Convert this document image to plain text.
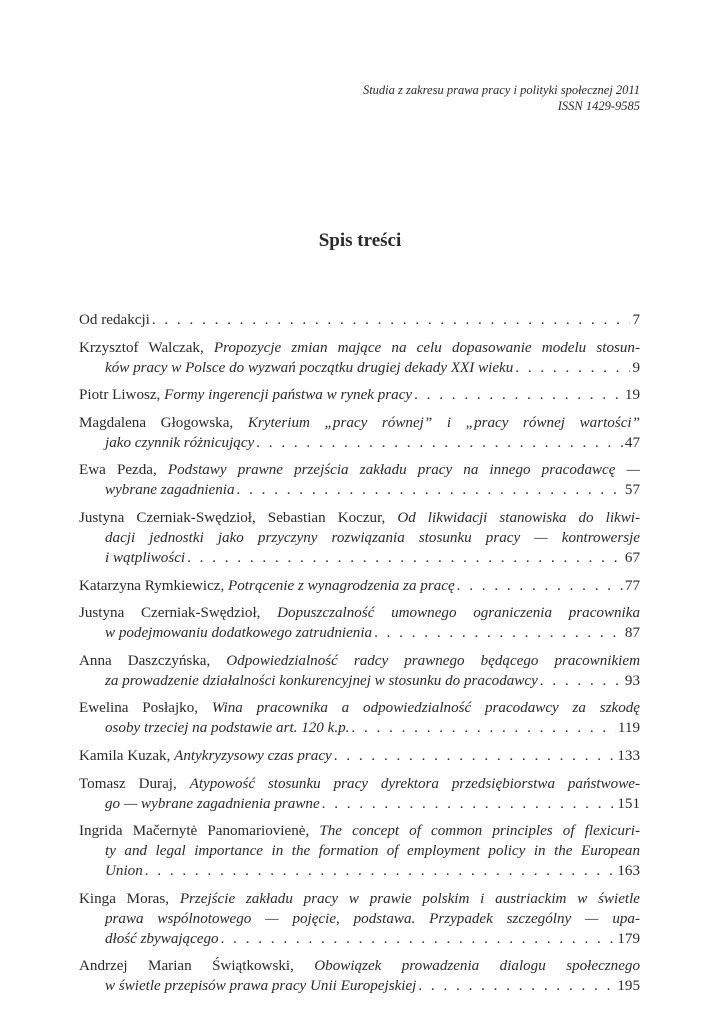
Studia z zakresu prawa pracy i polityki społecznej 2011
ISSN 1429-9585
Spis treści
Od redakcji . . .	7
Krzysztof Walczak, Propozycje zmian mające na celu dopasowanie modelu stosun-
ków pracy w Polsce do wyzwań początku drugiej dekady XXI wieku . . .	9
Piotr Liwosz, Formy ingerencji państwa w rynek pracy . . .	19
Magdalena Głogowska, Kryterium „pracy równej” i „pracy równej wartości”
jako czynnik różnicujący . . .	47
Ewa Pezda, Podstawy prawne przejścia zakładu pracy na innego pracodawcę —
wybrane zagadnienia . . .	57
Justyna Czerniak-Swędzioł, Sebastian Koczur, Od likwidacji stanowiska do likwi-
dacji jednostki jako przyczyny rozwiązania stosunku pracy — kontrowersje
i wątpliwości . . .	67
Katarzyna Rymkiewicz, Potrącenie z wynagrodzenia za pracę . . .	77
Justyna Czerniak-Swędzioł, Dopuszczalność umownego ograniczenia pracownika
w podejmowaniu dodatkowego zatrudnienia . . .	87
Anna Daszczyńska, Odpowiedzialność radcy prawnego będącego pracownikiem
za prowadzenie działalności konkurencyjnej w stosunku do pracodawcy . . .	93
Ewelina Posłajko, Wina pracownika a odpowiedzialność pracodawcy za szkodę
osoby trzeciej na podstawie art. 120 k.p. . . .	119
Kamila Kuzak, Antykryzysowy czas pracy . . .	133
Tomasz Duraj, Atypowość stosunku pracy dyrektora przedsiębiorstwa państwowe-
go — wybrane zagadnienia prawne . . .	151
Ingrida Mačernytė Panomariovienė, The concept of common principles of flexicuri-
ty and legal importance in the formation of employment policy in the European
Union . . .	163
Kinga Moras, Przejście zakładu pracy w prawie polskim i austriackim w świetle
prawa wspólnotowego — pojęcie, podstawa. Przypadek szczególny — upa-
dłość zbywającego . . .	179
Andrzej Marian Świątkowski, Obowiązek prowadzenia dialogu społecznego
w świetle przepisów prawa pracy Unii Europejskiej . . .	195
